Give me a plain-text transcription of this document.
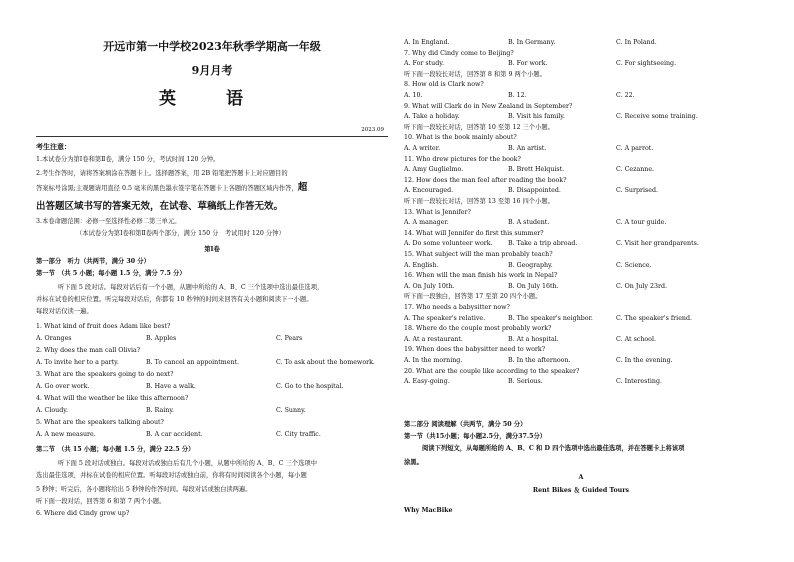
开远市第一中学校2023年秋季学期高一年级
9月月考
英 语
2023.09
考生注意：
1.本试卷分为第Ⅰ卷和第Ⅱ卷，满分 150 分，考试时间 120 分钟。
2.考生作答时，请将答案填涂在答题卡上。选择题答案，用 2B 铅笔把答题卡上对应题目的
答案标号涂黑;主观题请用直径 0.5 毫米的黑色墨水签字笔在答题卡上各题的答题区域内作答，超
出答题区域书写的答案无效，在试卷、草稿纸上作答无效。
3.本卷命题范围：必修一至选择性必修二第三单元。
（本试卷分为第Ⅰ卷和第Ⅱ卷两个部分，满分 150 分　考试用时 120 分钟）
第Ⅰ卷
第一部分　听力（共两节，满分 30 分）
第一节　（共 5 小题；每小题 1.5 分，满分 7.5 分）
听下面 5 段对话。每段对话后有一个小题，从题中所给的 A、B、C 三个选项中选出最佳选项，
并标在试卷的相应位置。听完每段对话后，你都有 10 秒钟的时间来回答有关小题和阅读下一小题。
每段对话仅读一遍。
1. What kind of fruit does Adam like best?
A. Oranges	B. Apples	C. Pears
2. Why does the man call Olivia?
A. To invite her to a party.	B. To cancel an appointment.	C. To ask about the homework.
3. What are the speakers going to do next?
A. Go over work.	B. Have a walk.	C. Go to the hospital.
4. What will the weather be like this afternoon?
A. Cloudy.	B. Rainy.	C. Sunny.
5. What are the speakers talking about?
A. A new measure.	B. A car accident.	C. City traffic.
第二节　（共 15 小题；每小题 1.5 分，满分 22.5 分）
听下面 5 段对话或独白。每段对话或独白后有几个小题，从题中所给的 A、B、C 三个选项中
选出最佳选项，并标在试卷的相应位置。听每段对话或独白前，你将有时间阅读各个小题，每小题
5 秒钟；听完后，各小题将给出 5 秒钟的作答时间。每段对话或独白读两遍。
听下面一段对话，回答第 6 和第 7 两个小题。
6. Where did Cindy grow up?
A. In England.	B. In Germany.	C. In Poland.
7. Why did Cindy come to Beijing?
A. For study.	B. For work.	C. For sightseeing.
听下面一段较长对话，回答第 8 和第 9 两个小题。
8. How old is Clark now?
A. 10.	B. 12.	C. 22.
9. What will Clark do in New Zealand in September?
A. Take a holiday.	B. Visit his family.	C. Receive some training.
听下面一段较长对话，回答第 10 至第 12 三个小题。
10. What is the book mainly about?
A. A writer.	B. An artist.	C. A parrot.
11. Who drew pictures for the book?
A. Amy Guglielmo.	B. Brett Helquist.	C. Cezanne.
12. How does the man feel after reading the book?
A. Encouraged.	B. Disappointed.	C. Surprised.
听下面一段较长对话，回答第 13 至第 16 四个小题。
13. What is Jennifer?
A. A manager.	B. A student.	C. A tour guide.
14. What will Jennifer do first this summer?
A. Do some volunteer work. B. Take a trip abroad.	C. Visit her grandparents.
15. What subject will the man probably teach?
A. English.	B. Geography.	C. Science.
16. When will the man finish his work in Nepal?
A. On July 10th.	B. On July 16th.	C. On July 23rd.
听下面一段独白，回答第 17 至第 20 四个小题。
17. Who needs a babysitter now?
A. The speaker's relative.	B. The speaker's neighbor.	C. The speaker's friend.
18. Where do the couple most probably work?
A. At a restaurant.	B. At a hospital.	C. At school.
19. When does the babysitter need to work?
A. In the morning.	B. In the afternoon.	C. In the evening.
20. What are the couple like according to the speaker?
A. Easy-going.	B. Serious.	C. Interesting.
第二部分 阅读理解（共两节，满分 50 分）
第一节（共15小题；每小题2.5分，满分37.5分）
阅读下列短文，从每题所给的 A、B、C 和 D 四个选项中选出最佳选项，并在答题卡上将该项
涂黑。
A
Rent Bikes ＆ Guided Tours
Why MacBike
